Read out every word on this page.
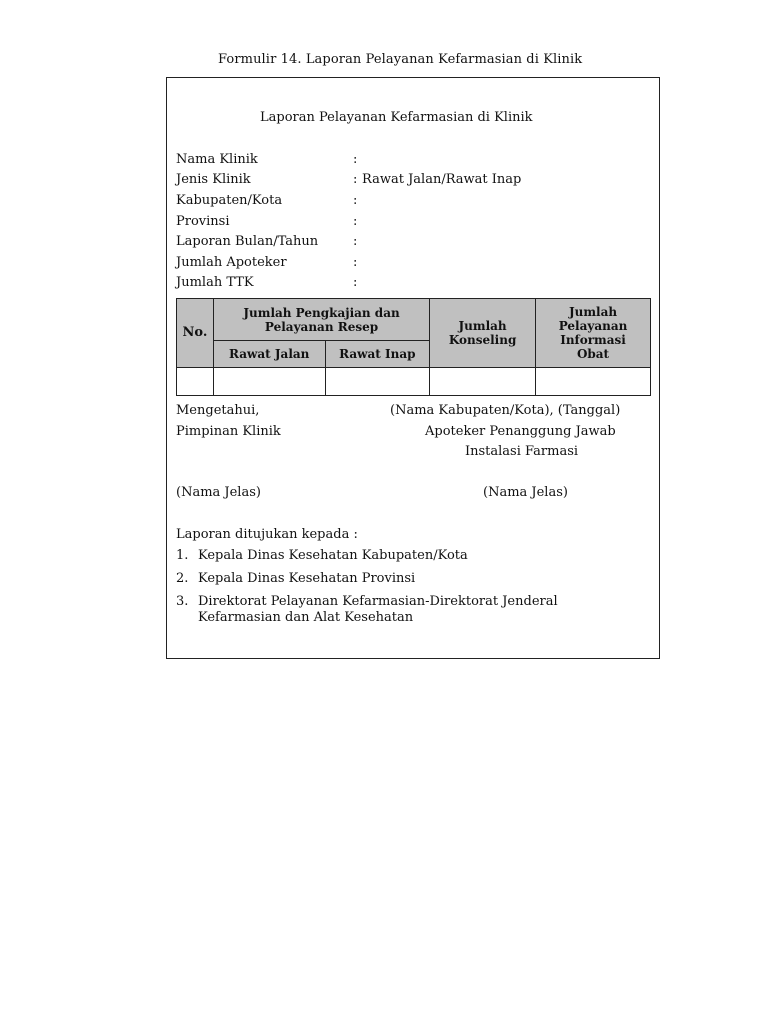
Formulir 14. Laporan Pelayanan Kefarmasian di Klinik
Laporan Pelayanan Kefarmasian di Klinik
Nama Klinik	:
Jenis Klinik	: Rawat Jalan/Rawat Inap
Kabupaten/Kota	:
Provinsi	:
Laporan Bulan/Tahun	:
Jumlah Apoteker	:
Jumlah TTK	:
No.	Jumlah Pengkajian dan Pelayanan Resep		Jumlah Konseling	Jumlah Pelayanan Informasi Obat
	Rawat Jalan	Rawat Inap		

Mengetahui,	(Nama Kabupaten/Kota), (Tanggal)
Pimpinan Klinik	Apoteker Penanggung Jawab
Instalasi Farmasi
(Nama Jelas)	(Nama Jelas)
Laporan ditujukan kepada :
1. Kepala Dinas Kesehatan Kabupaten/Kota
2. Kepala Dinas Kesehatan Provinsi
3. Direktorat Pelayanan Kefarmasian-Direktorat Jenderal Kefarmasian dan Alat Kesehatan
